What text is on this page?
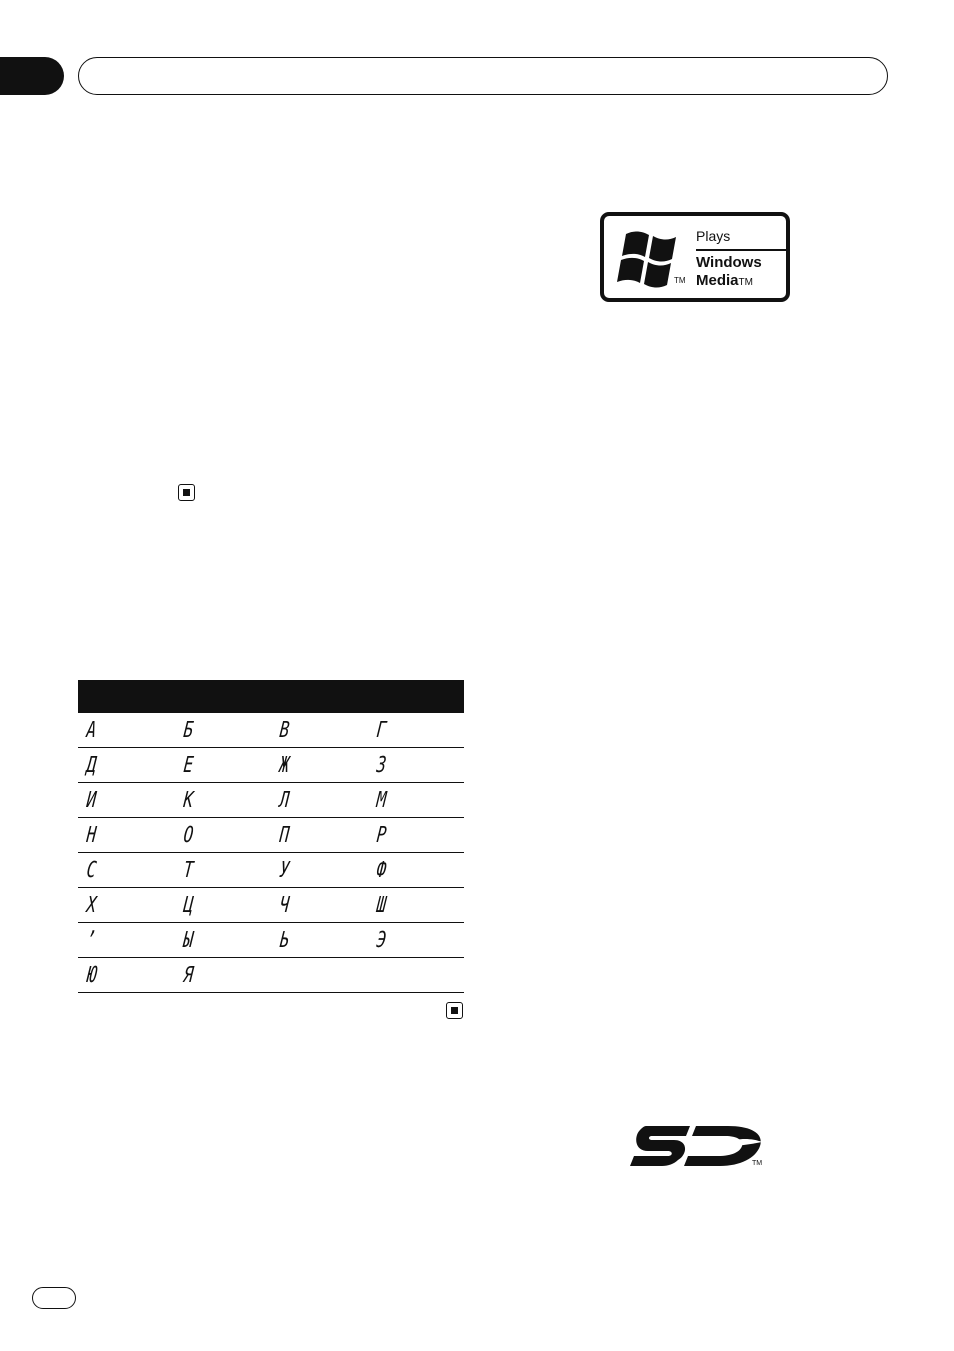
А	Б	В	Г
Д	Е	Ж	З
И	К	Л	М
Н	О	П	Р
С	Т	У	Ф
Х	Ц	Ч	Ш
ʼ	Ы	Ь	Э
Ю	Я
TM
Plays
Windows
MediaTM
TM
